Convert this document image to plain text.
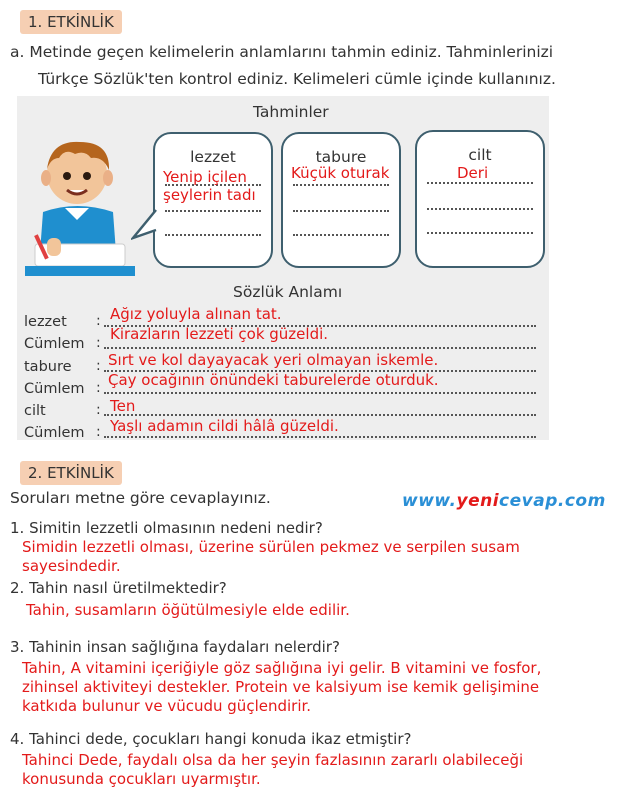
1. ETKİNLİK
a. Metinde geçen kelimelerin anlamlarını tahmin ediniz. Tahminlerinizi
Türkçe Sözlük'ten kontrol ediniz. Kelimeleri cümle içinde kullanınız.
Tahminler
lezzet
Yenip içilen
şeylerin tadı
tabure
Küçük oturak
cilt
Deri
Sözlük Anlamı
lezzet : Ağız yoluyla alınan tat.
Cümlem : Kirazların lezzeti çok güzeldi.
tabure : Sırt ve kol dayayacak yeri olmayan iskemle.
Cümlem : Çay ocağının önündeki taburelerde oturduk.
cilt	: Ten
Cümlem : Yaşlı adamın cildi hâlâ güzeldi.
2. ETKİNLİK
Soruları metne göre cevaplayınız.	www.yenicevap.com
1. Simitin lezzetli olmasının nedeni nedir?
Simidin lezzetli olması, üzerine sürülen pekmez ve serpilen susam
sayesindedir.
2. Tahin nasıl üretilmektedir?
Tahin, susamların öğütülmesiyle elde edilir.
3. Tahinin insan sağlığına faydaları nelerdir?
Tahin, A vitamini içeriğiyle göz sağlığına iyi gelir. B vitamini ve fosfor,
zihinsel aktiviteyi destekler. Protein ve kalsiyum ise kemik gelişimine
katkıda bulunur ve vücudu güçlendirir.
4. Tahinci dede, çocukları hangi konuda ikaz etmiştir?
Tahinci Dede, faydalı olsa da her şeyin fazlasının zararlı olabileceği
konusunda çocukları uyarmıştır.
